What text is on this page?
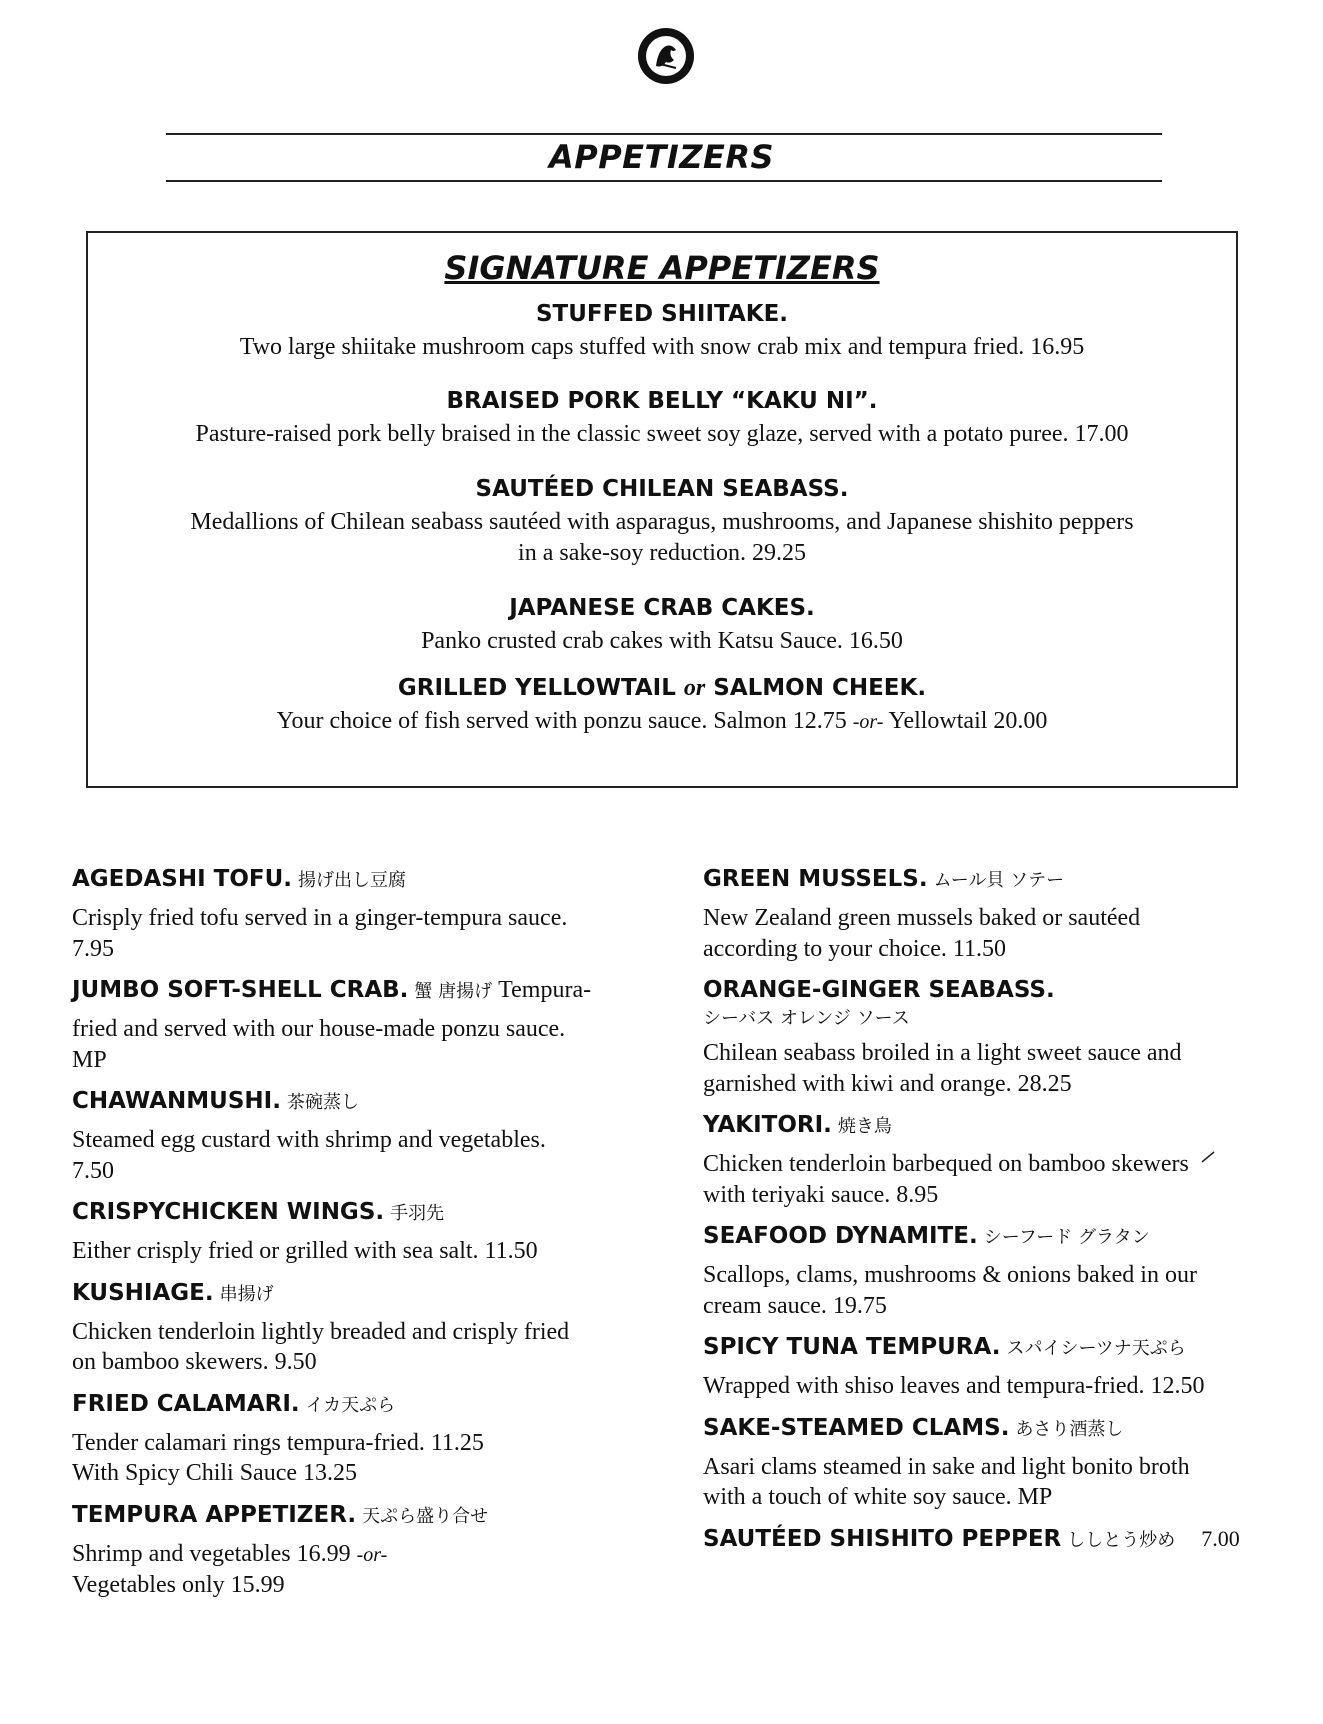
APPETIZERS
SIGNATURE APPETIZERS
STUFFED SHIITAKE.
Two large shiitake mushroom caps stuffed with snow crab mix and tempura fried. 16.95
BRAISED PORK BELLY “KAKU NI”.
Pasture-raised pork belly braised in the classic sweet soy glaze, served with a potato puree. 17.00
SAUTÉED CHILEAN SEABASS.
Medallions of Chilean seabass sautéed with asparagus, mushrooms, and Japanese shishito peppers
in a sake-soy reduction. 29.25
JAPANESE CRAB CAKES.
Panko crusted crab cakes with Katsu Sauce. 16.50
GRILLED YELLOWTAIL or SALMON CHEEK.
Your choice of fish served with ponzu sauce. Salmon 12.75 -or- Yellowtail 20.00
AGEDASHI TOFU. 揚げ出し豆腐
Crisply fried tofu served in a ginger-tempura sauce.
7.95
JUMBO SOFT-SHELL CRAB. 蟹 唐揚げ Tempura-
fried and served with our house-made ponzu sauce.
MP
CHAWANMUSHI. 茶碗蒸し
Steamed egg custard with shrimp and vegetables.
7.50
CRISPYCHICKEN WINGS. 手羽先
Either crisply fried or grilled with sea salt. 11.50
KUSHIAGE. 串揚げ
Chicken tenderloin lightly breaded and crisply fried
on bamboo skewers. 9.50
FRIED CALAMARI. イカ天ぷら
Tender calamari rings tempura-fried. 11.25
With Spicy Chili Sauce 13.25
TEMPURA APPETIZER. 天ぷら盛り合せ
Shrimp and vegetables 16.99 -or-
Vegetables only 15.99
GREEN MUSSELS. ムール貝 ソテー
New Zealand green mussels baked or sautéed
according to your choice. 11.50
ORANGE-GINGER SEABASS.
シーバス オレンジ ソース
Chilean seabass broiled in a light sweet sauce and
garnished with kiwi and orange. 28.25
YAKITORI. 焼き鳥
Chicken tenderloin barbequed on bamboo skewers
with teriyaki sauce. 8.95
SEAFOOD DYNAMITE. シーフード グラタン
Scallops, clams, mushrooms & onions baked in our
cream sauce. 19.75
SPICY TUNA TEMPURA. スパイシーツナ天ぷら
Wrapped with shiso leaves and tempura-fried. 12.50
SAKE-STEAMED CLAMS. あさり酒蒸し
Asari clams steamed in sake and light bonito broth
with a touch of white soy sauce. MP
SAUTÉED SHISHITO PEPPER ししとう炒め 7.00
